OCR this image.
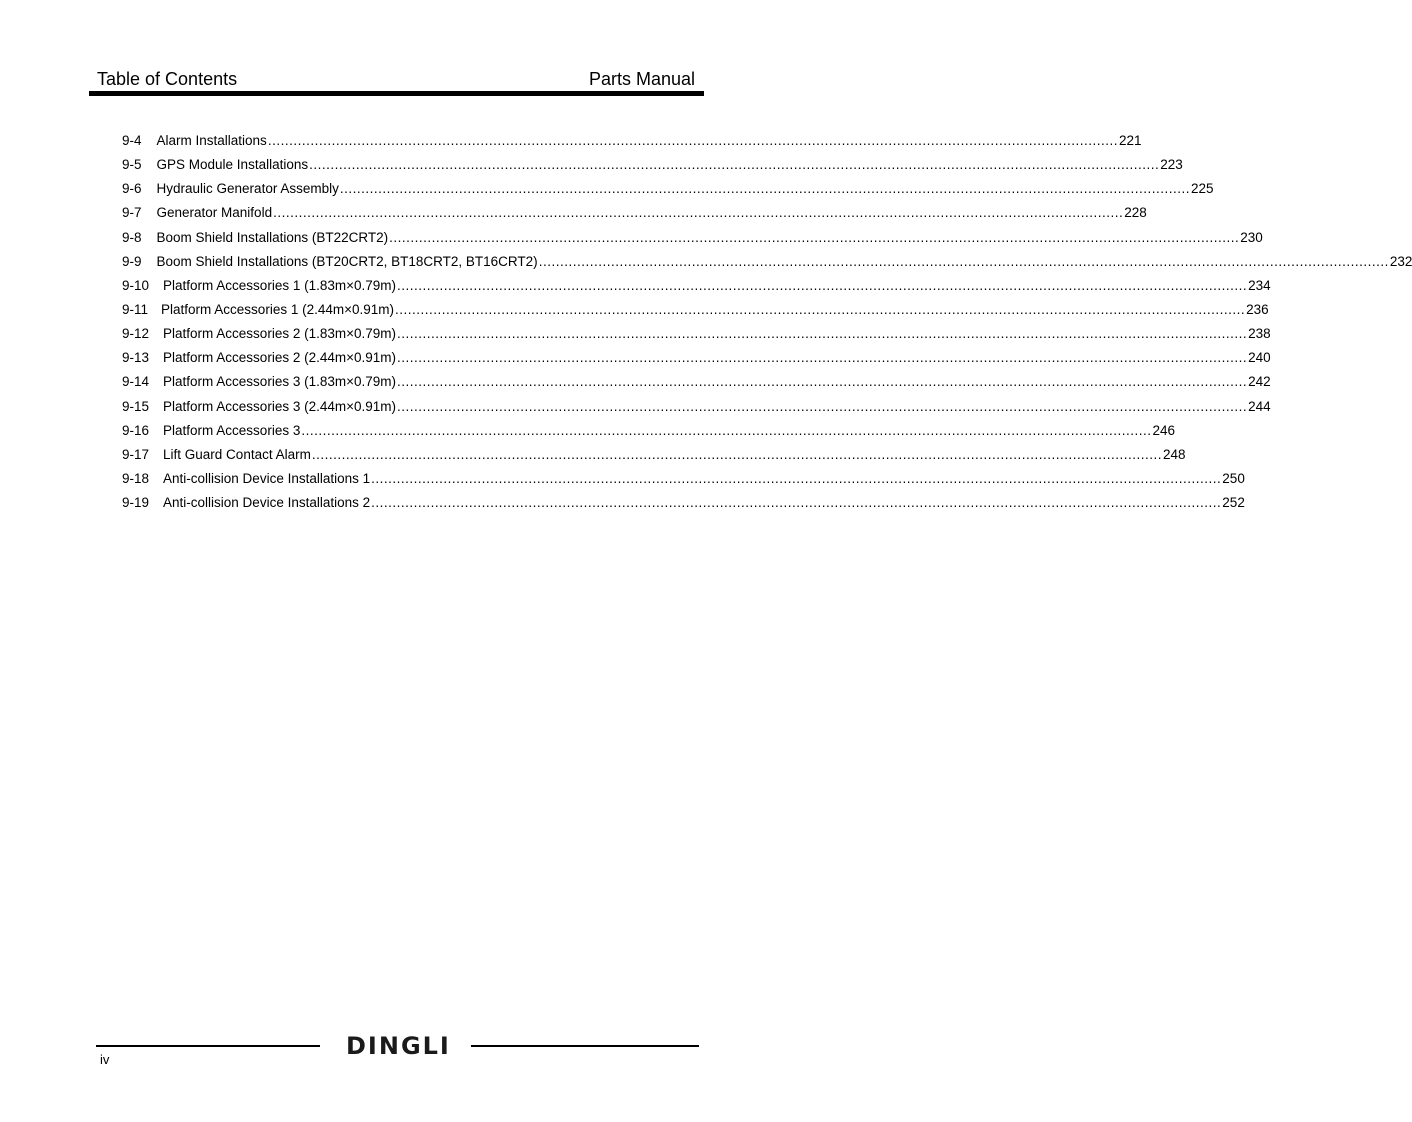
Table of Contents	Parts Manual
9-4 Alarm Installations ........................................................................................................................................................................................................ 221
9-5 GPS Module Installations ........................................................................................................................................................................................................ 223
9-6 Hydraulic Generator Assembly ........................................................................................................................................................................................................ 225
9-7 Generator Manifold ........................................................................................................................................................................................................ 228
9-8 Boom Shield Installations (BT22CRT2) ........................................................................................................................................................................................................ 230
9-9 Boom Shield Installations (BT20CRT2, BT18CRT2, BT16CRT2) ........................................................................................................................................................................................................ 232
9-10 Platform Accessories 1 (1.83m×0.79m) ........................................................................................................................................................................................................ 234
9-11 Platform Accessories 1 (2.44m×0.91m) ........................................................................................................................................................................................................ 236
9-12 Platform Accessories 2 (1.83m×0.79m) ........................................................................................................................................................................................................ 238
9-13 Platform Accessories 2 (2.44m×0.91m) ........................................................................................................................................................................................................ 240
9-14 Platform Accessories 3 (1.83m×0.79m) ........................................................................................................................................................................................................ 242
9-15 Platform Accessories 3 (2.44m×0.91m) ........................................................................................................................................................................................................ 244
9-16 Platform Accessories 3 ........................................................................................................................................................................................................ 246
9-17 Lift Guard Contact Alarm ........................................................................................................................................................................................................ 248
9-18 Anti-collision Device Installations 1 ........................................................................................................................................................................................................ 250
9-19 Anti-collision Device Installations 2 ........................................................................................................................................................................................................ 252
DINGLI
iv
